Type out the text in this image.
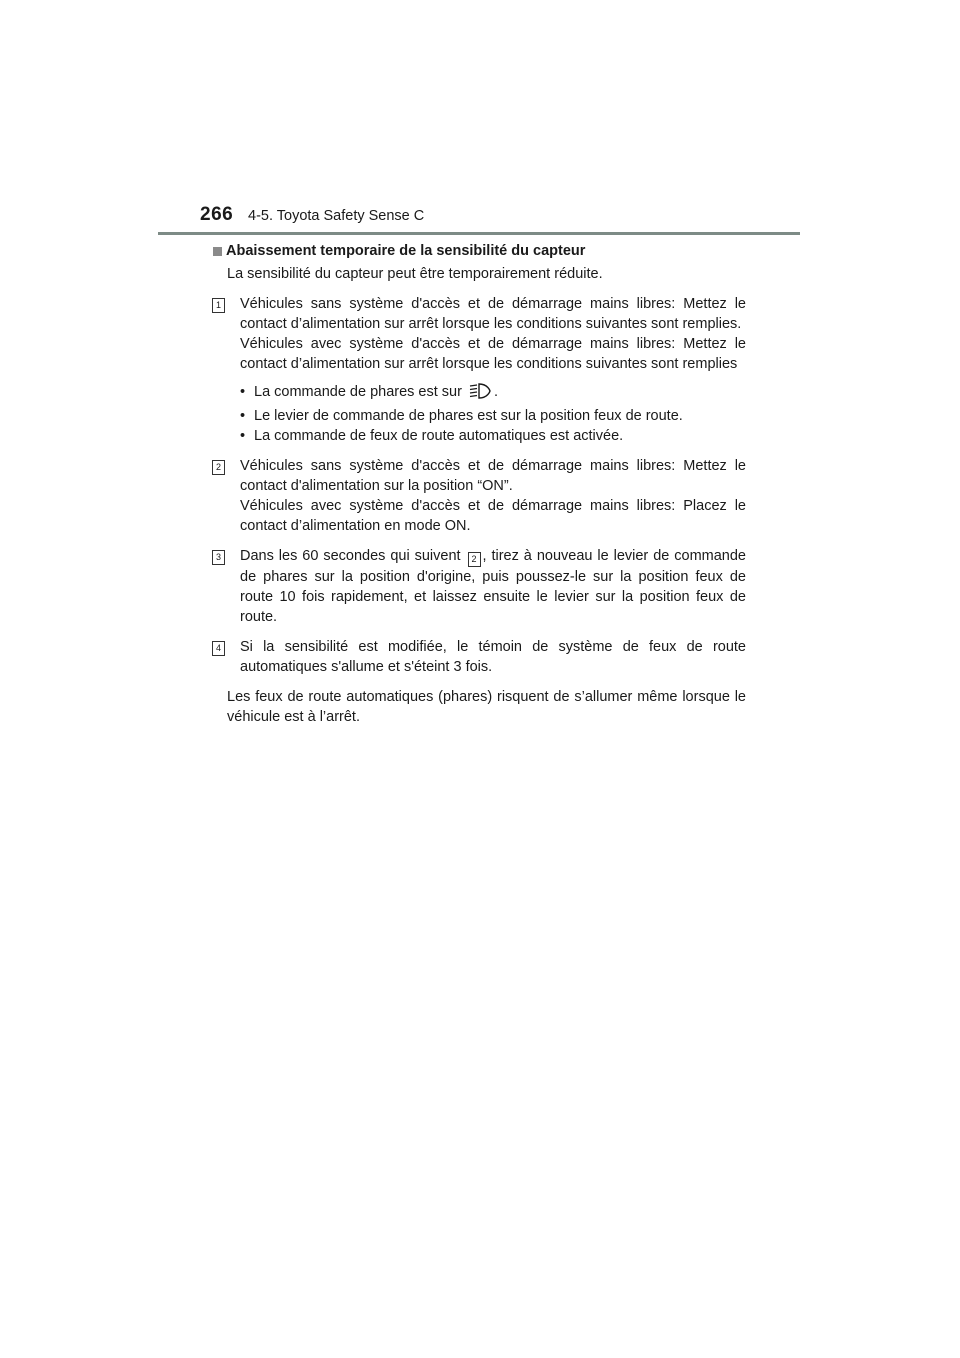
266 4-5. Toyota Safety Sense C
Abaissement temporaire de la sensibilité du capteur

La sensibilité du capteur peut être temporairement réduite.

1 Véhicules sans système d'accès et de démarrage mains libres: Mettez le contact d’alimentation sur arrêt lorsque les conditions suivantes sont remplies.

Véhicules avec système d'accès et de démarrage mains libres: Mettez le contact d’alimentation sur arrêt lorsque les conditions suivantes sont remplies

• La commande de phares est sur .
• Le levier de commande de phares est sur la position feux de route.
• La commande de feux de route automatiques est activée.
2 Véhicules sans système d'accès et de démarrage mains libres: Mettez le contact d'alimentation sur la position “ON”.

Véhicules avec système d'accès et de démarrage mains libres: Placez le contact d’alimentation en mode ON.

3 Dans les 60 secondes qui suivent 2 , tirez à nouveau le levier de commande de phares sur la position d'origine, puis poussez-le sur la position feux de route 10 fois rapidement, et laissez ensuite le levier sur la position feux de route.

4 Si la sensibilité est modifiée, le témoin de système de feux de route automatiques s'allume et s'éteint 3 fois.

Les feux de route automatiques (phares) risquent de s’allumer même lorsque le véhicule est à l’arrêt.
